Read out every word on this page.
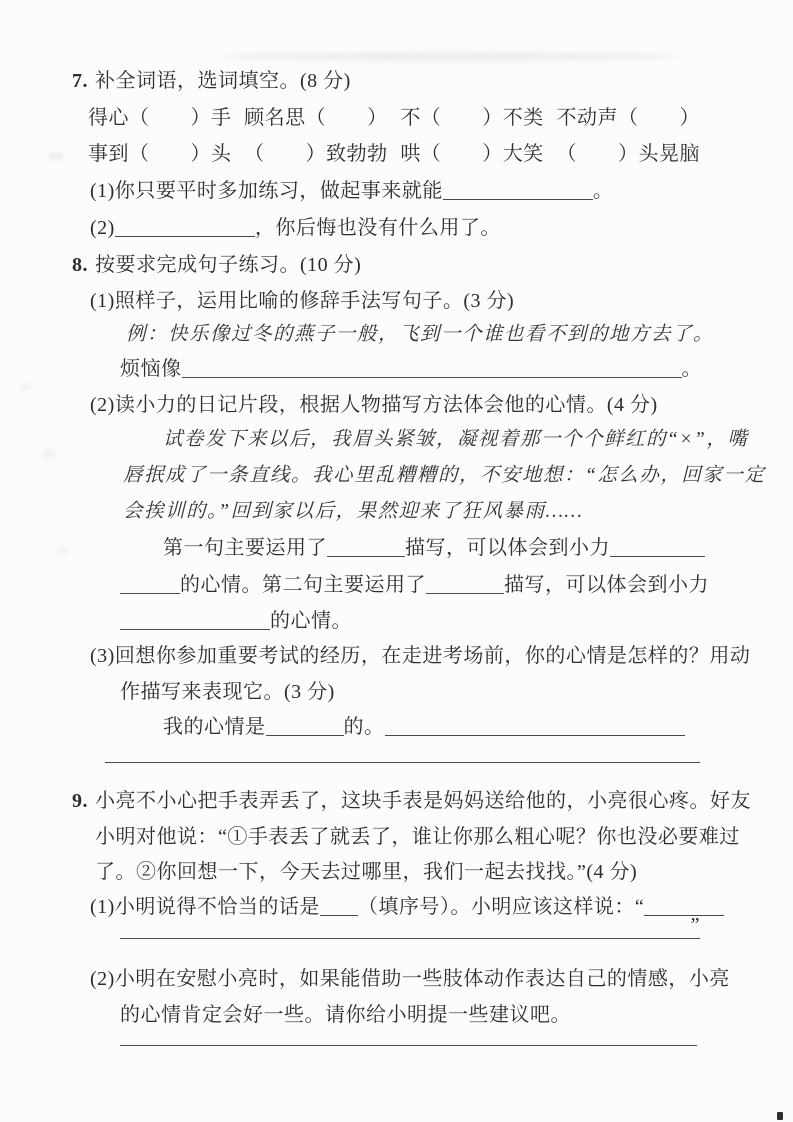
7. 补全词语，选词填空。(8 分)
得心（　　）手 顾名思（　　） 不（　　）不类 不动声（　　）
事到（　　）头 （　　）致勃勃 哄（　　）大笑 （　　）头晃脑
(1)你只要平时多加练习，做起事来就能	。
(2)	，你后悔也没有什么用了。
8. 按要求完成句子练习。(10 分)
(1)照样子，运用比喻的修辞手法写句子。(3 分)
例：快乐像过冬的燕子一般，飞到一个谁也看不到的地方去了。
烦恼像	。
(2)读小力的日记片段，根据人物描写方法体会他的心情。(4 分)
试卷发下来以后，我眉头紧皱，凝视着那一个个鲜红的“×”，嘴
唇抿成了一条直线。我心里乱糟糟的，不安地想：“怎么办，回家一定
会挨训的。”回到家以后，果然迎来了狂风暴雨……
第一句主要运用了	描写，可以体会到小力
的心情。第二句主要运用了	描写，可以体会到小力
的心情。
(3)回想你参加重要考试的经历，在走进考场前，你的心情是怎样的？用动
作描写来表现它。(3 分)
我的心情是	的。
9. 小亮不小心把手表弄丢了，这块手表是妈妈送给他的，小亮很心疼。好友
小明对他说：“①手表丢了就丢了，谁让你那么粗心呢？你也没必要难过
了。②你回想一下，今天去过哪里，我们一起去找找。”(4 分)
(1)小明说得不恰当的话是 （填序号）。小明应该这样说：“
”
(2)小明在安慰小亮时，如果能借助一些肢体动作表达自己的情感，小亮
的心情肯定会好一些。请你给小明提一些建议吧。
